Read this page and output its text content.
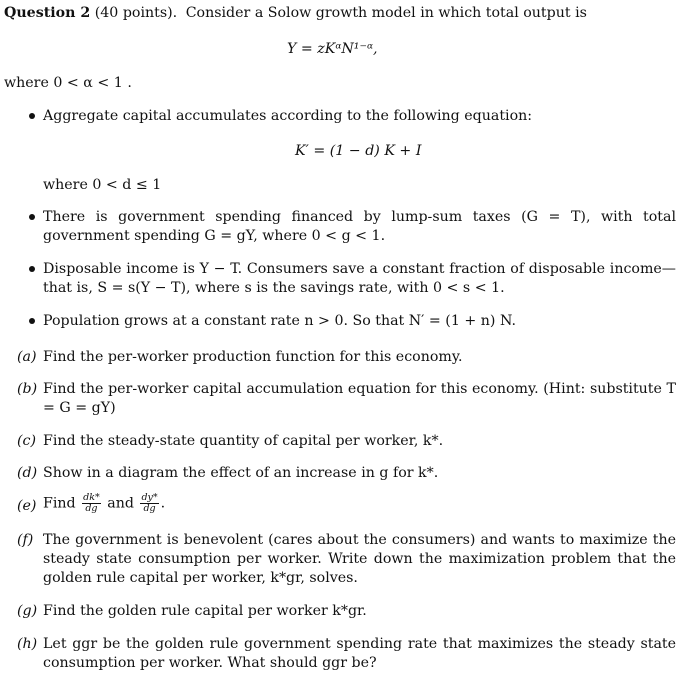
Question 2 (40 points). Consider a Solow growth model in which total output is
Y = zKᵅN¹⁻ᵅ,
where 0 < α < 1 .
Aggregate capital accumulates according to the following equation:
K′ = (1 − d) K + I
where 0 < d ≤ 1
There is government spending financed by lump-sum taxes (G = T), with total government spending G = gY, where 0 < g < 1.
Disposable income is Y − T. Consumers save a constant fraction of disposable income—that is, S = s(Y − T), where s is the savings rate, with 0 < s < 1.
Population grows at a constant rate n > 0. So that N′ = (1 + n) N.
(a) Find the per-worker production function for this economy.
(b) Find the per-worker capital accumulation equation for this economy. (Hint: substitute T = G = gY)
(c) Find the steady-state quantity of capital per worker, k*.
(d) Show in a diagram the effect of an increase in g for k*.
(e) Find $\frac{dk*}{dg}$ and $\frac{dy*}{dg}$ .
(f) The government is benevolent (cares about the consumers) and wants to maximize the steady state consumption per worker. Write down the maximization problem that the golden rule capital per worker, k*gr, solves.
(g) Find the golden rule capital per worker k*gr.
(h) Let ggr be the golden rule government spending rate that maximizes the steady state consumption per worker. What should ggr be?
